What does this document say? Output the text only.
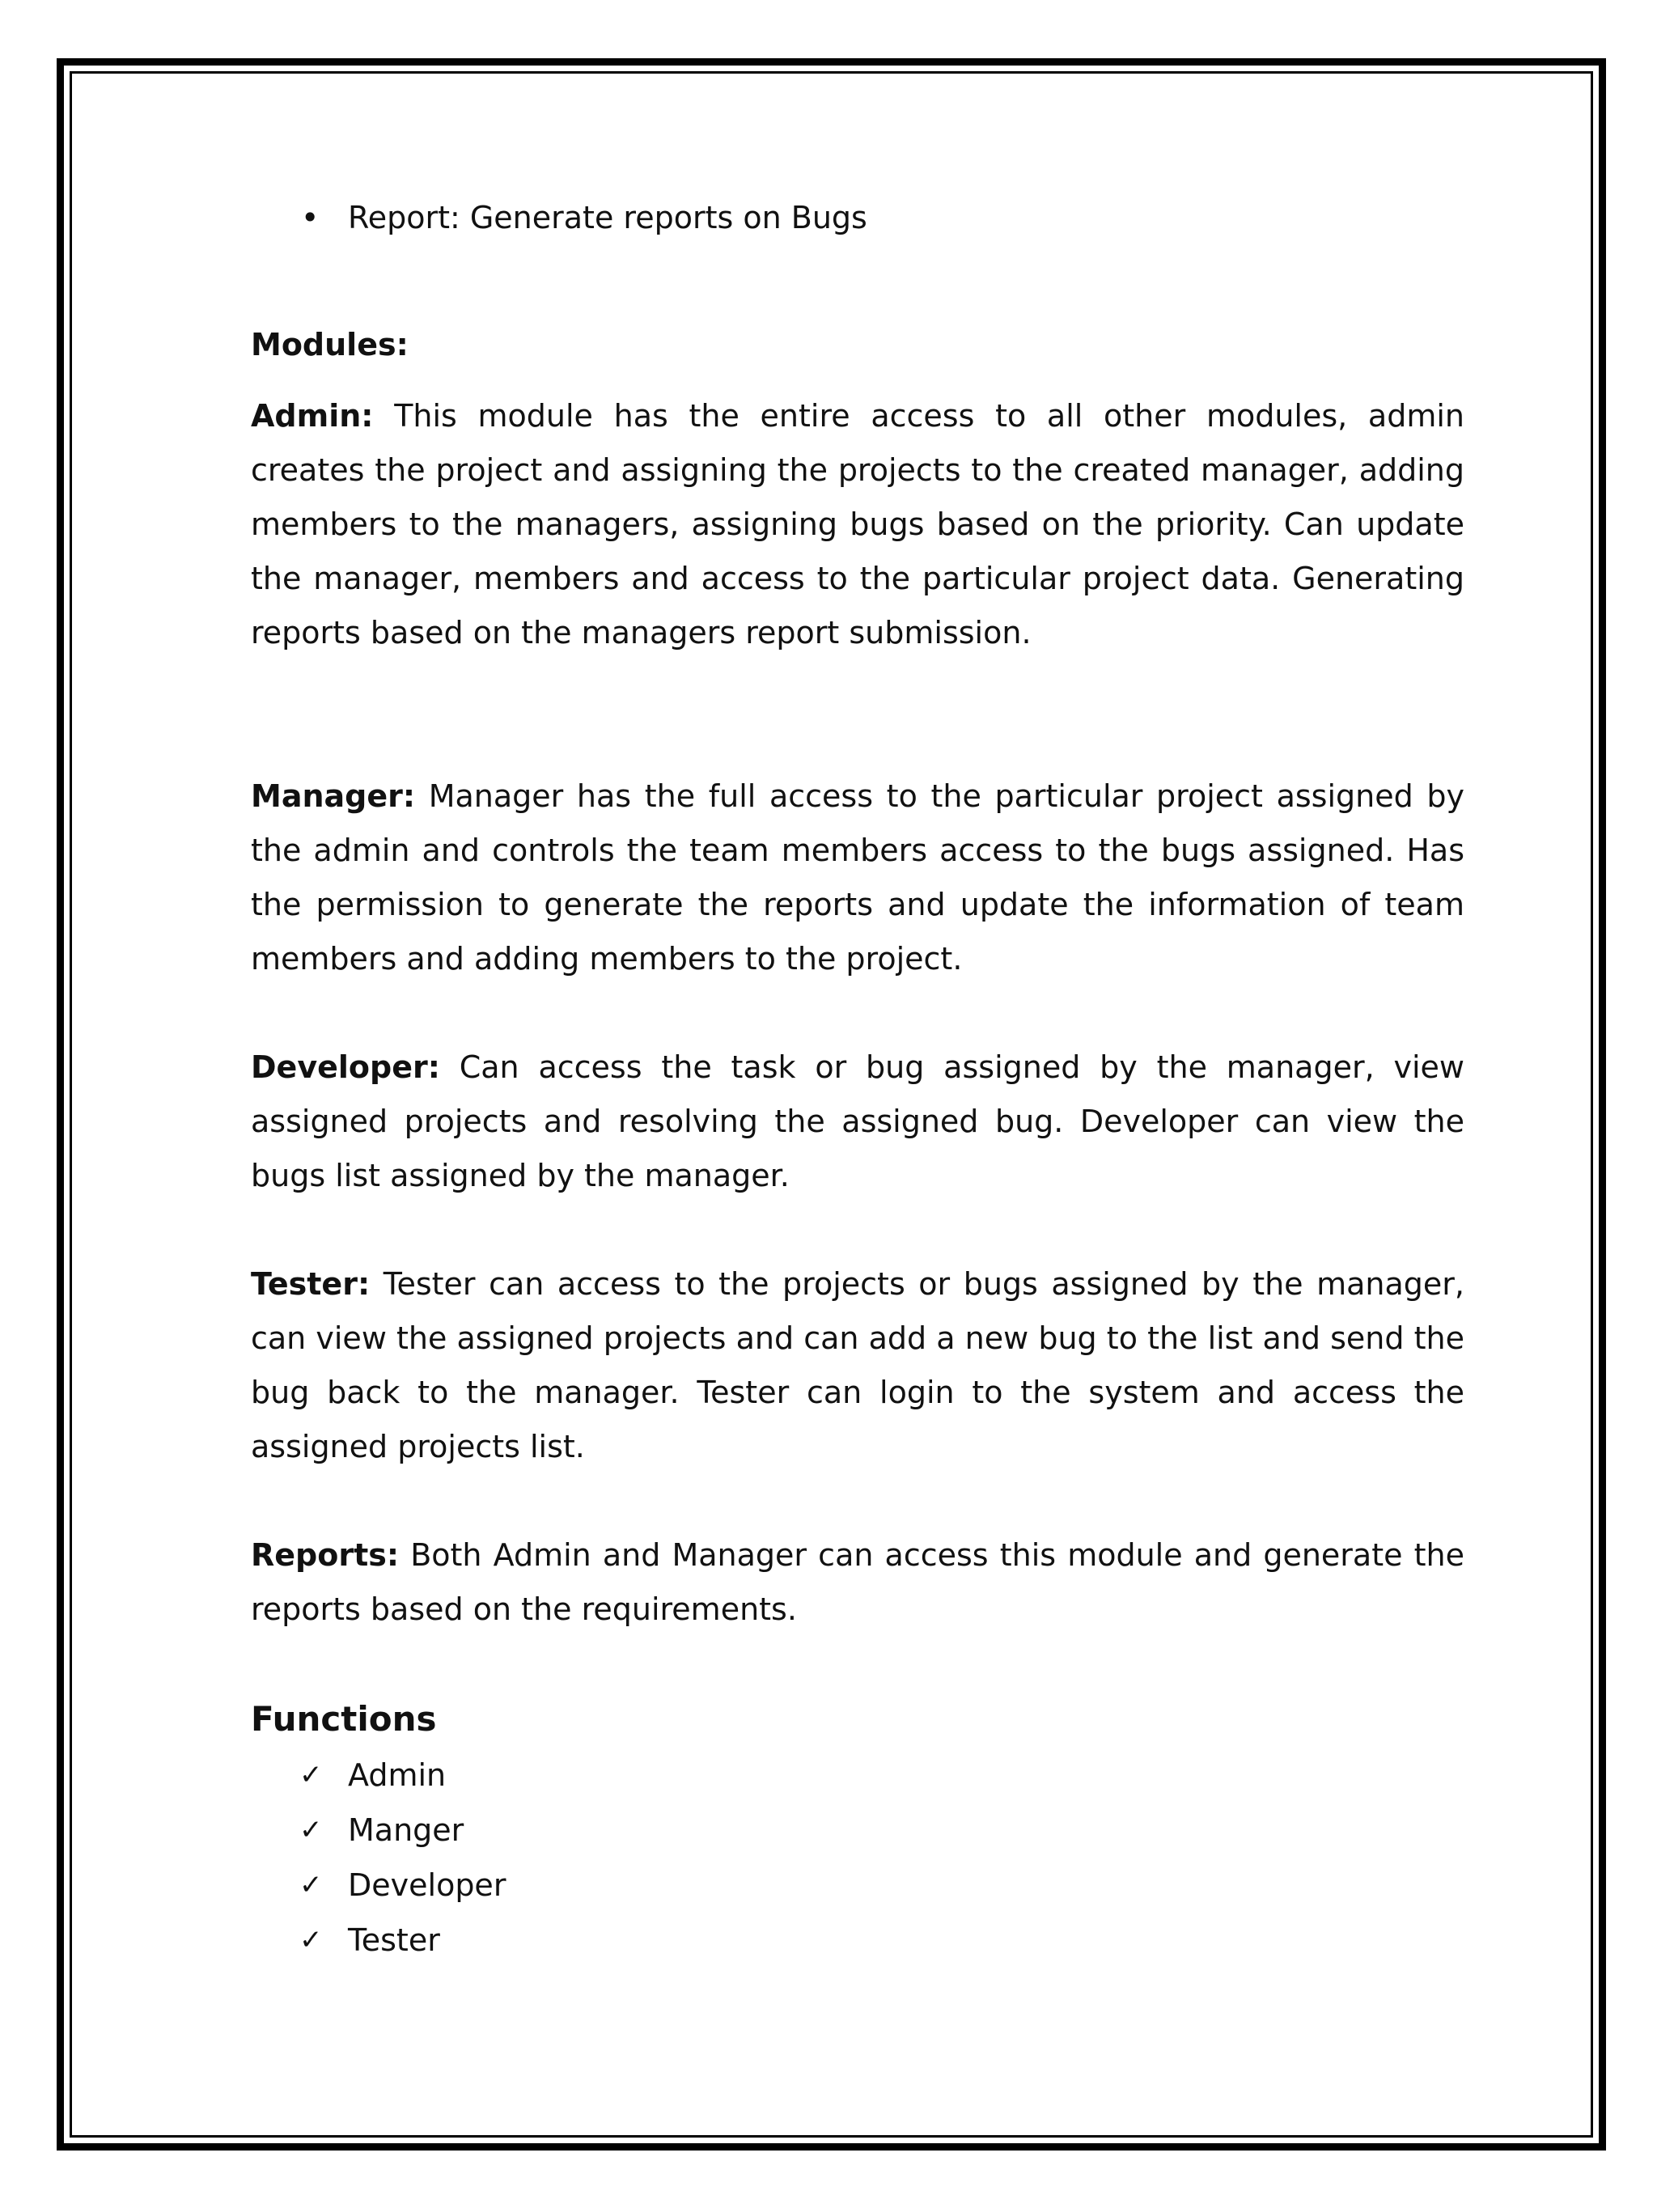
• Report: Generate reports on Bugs

Modules:

Admin: This module has the entire access to all other modules, admin creates the project and assigning the projects to the created manager, adding members to the managers, assigning bugs based on the priority. Can update the manager, members and access to the particular project data. Generating reports based on the managers report submission.

Manager: Manager has the full access to the particular project assigned by the admin and controls the team members access to the bugs assigned. Has the permission to generate the reports and update the information of team members and adding members to the project.

Developer: Can access the task or bug assigned by the manager, view assigned projects and resolving the assigned bug. Developer can view the bugs list assigned by the manager.

Tester: Tester can access to the projects or bugs assigned by the manager, can view the assigned projects and can add a new bug to the list and send the bug back to the manager. Tester can login to the system and access the assigned projects list.

Reports: Both Admin and Manager can access this module and generate the reports based on the requirements.

Functions

✓ Admin
✓ Manger
✓ Developer
✓ Tester
